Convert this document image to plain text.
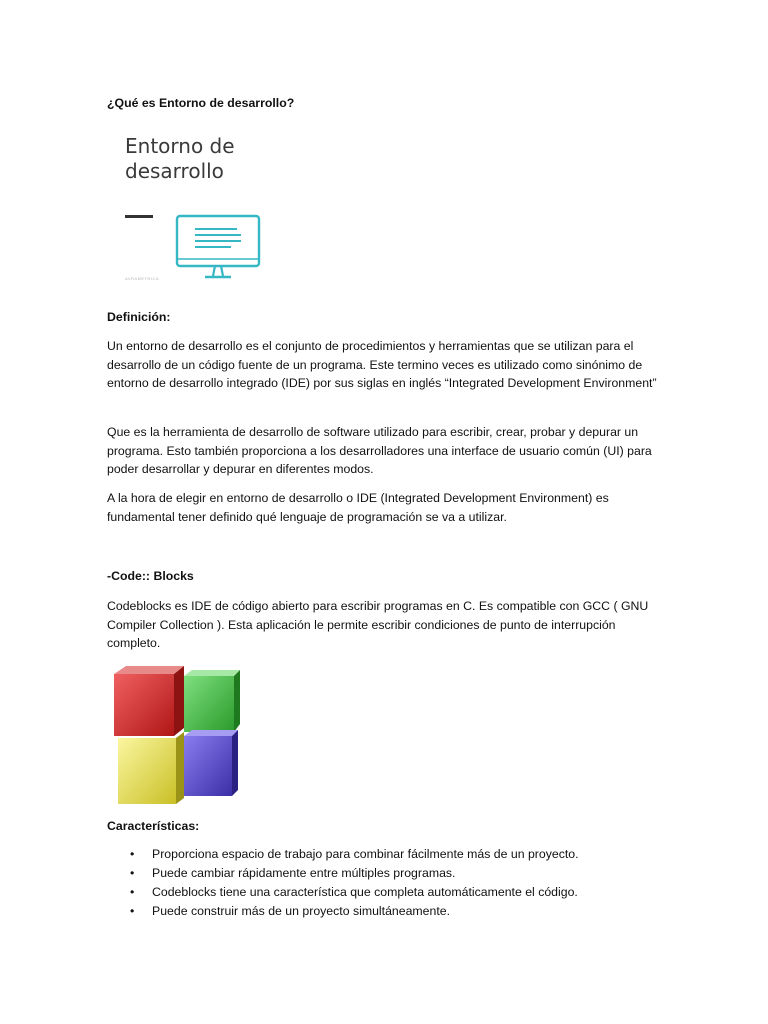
¿Qué es Entorno de desarrollo?

Entorno de desarrollo

AVRAMETRICA

Definición:

Un entorno de desarrollo es el conjunto de procedimientos y herramientas que se utilizan para el desarrollo de un código fuente de un programa. Este termino veces es utilizado como sinónimo de entorno de desarrollo integrado (IDE) por sus siglas en inglés “Integrated Development Environment”

Que es la herramienta de desarrollo de software utilizado para escribir, crear, probar y depurar un programa. Esto también proporciona a los desarrolladores una interface de usuario común (UI) para poder desarrollar y depurar en diferentes modos.

A la hora de elegir en entorno de desarrollo o IDE (Integrated Development Environment) es fundamental tener definido qué lenguaje de programación se va a utilizar.

-Code:: Blocks

Codeblocks es IDE de código abierto para escribir programas en C. Es compatible con GCC ( GNU Compiler Collection ). Esta aplicación le permite escribir condiciones de punto de interrupción completo.

Características:

• Proporciona espacio de trabajo para combinar fácilmente más de un proyecto.
• Puede cambiar rápidamente entre múltiples programas.
• Codeblocks tiene una característica que completa automáticamente el código.
• Puede construir más de un proyecto simultáneamente.
